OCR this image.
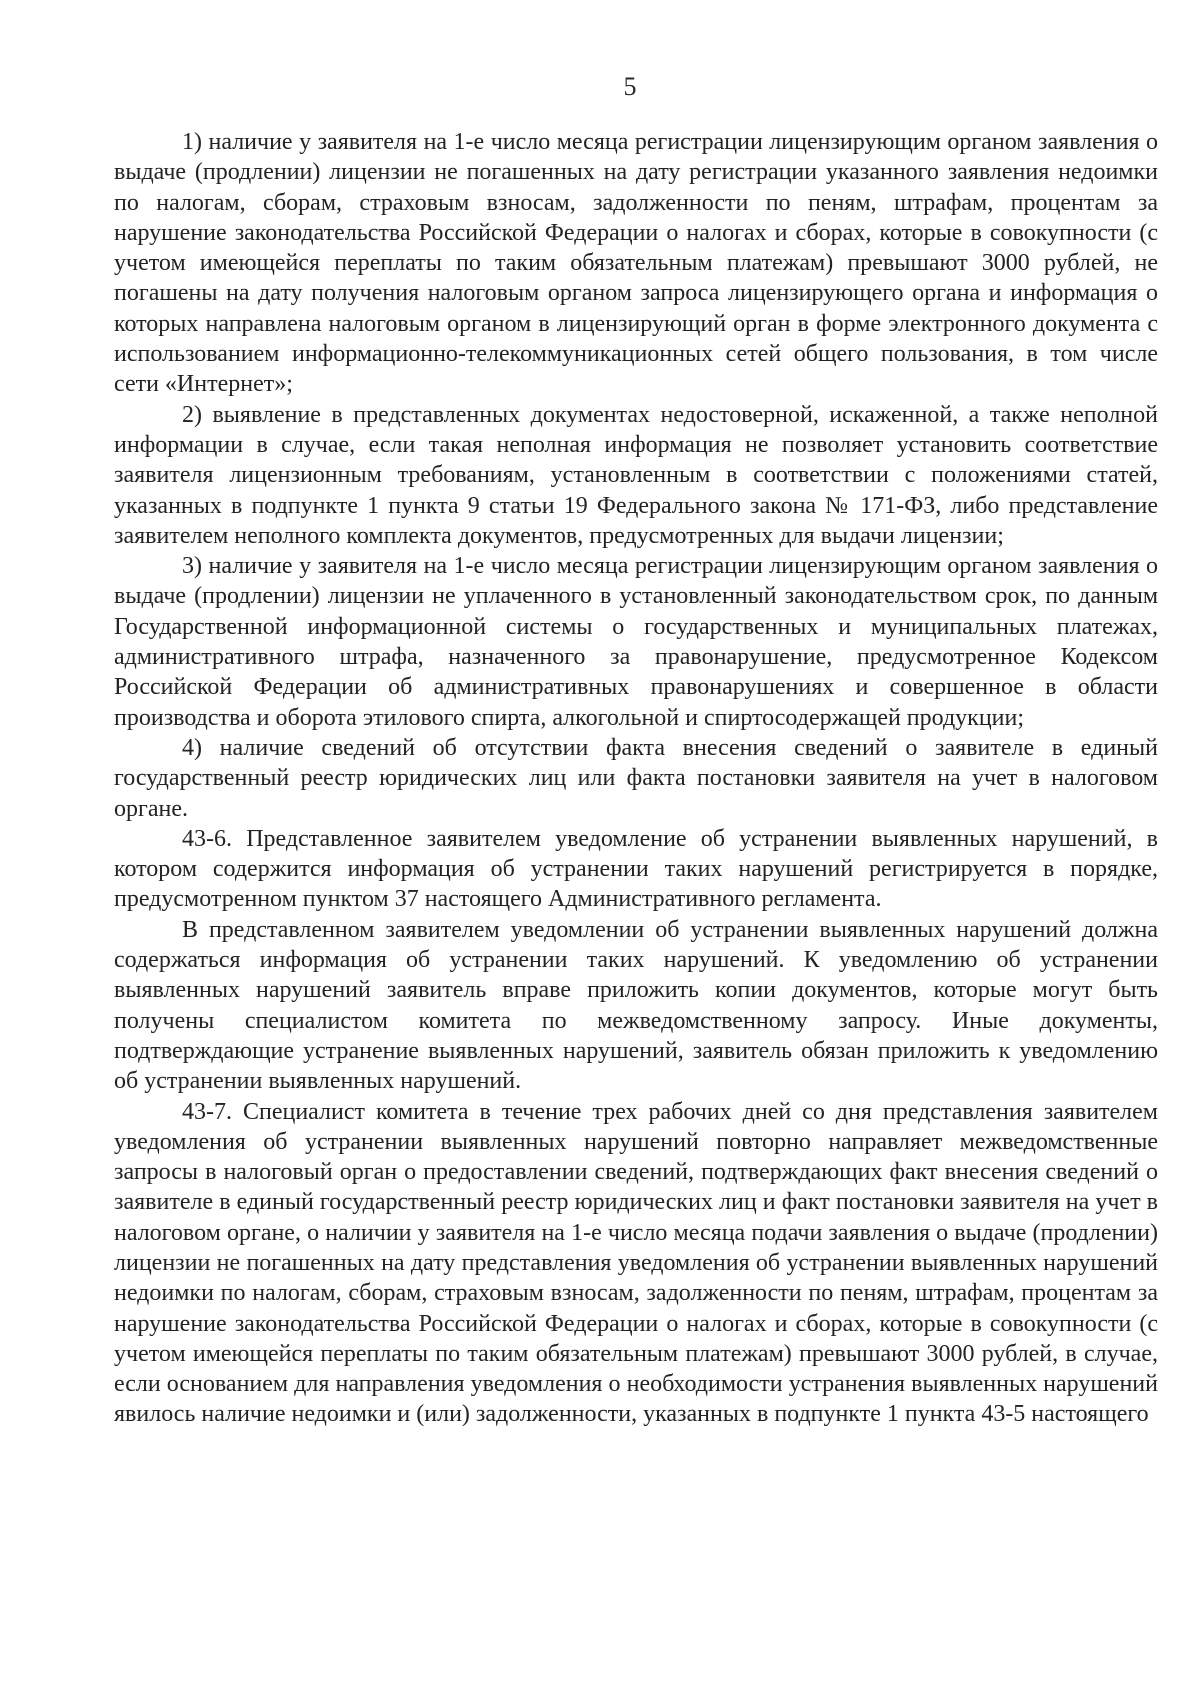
5

1) наличие у заявителя на 1-е число месяца регистрации лицензирующим органом заявления о выдаче (продлении) лицензии не погашенных на дату регистрации указанного заявления недоимки по налогам, сборам, страховым взносам, задолженности по пеням, штрафам, процентам за нарушение законодательства Российской Федерации о налогах и сборах, которые в совокупности (с учетом имеющейся переплаты по таким обязательным платежам) превышают 3000 рублей, не погашены на дату получения налоговым органом запроса лицензирующего органа и информация о которых направлена налоговым органом в лицензирующий орган в форме электронного документа с использованием информационно-телекоммуникационных сетей общего пользования, в том числе сети «Интернет»;

2) выявление в представленных документах недостоверной, искаженной, а также неполной информации в случае, если такая неполная информация не позволяет установить соответствие заявителя лицензионным требованиям, установленным в соответствии с положениями статей, указанных в подпункте 1 пункта 9 статьи 19 Федерального закона № 171-ФЗ, либо представление заявителем неполного комплекта документов, предусмотренных для выдачи лицензии;

3) наличие у заявителя на 1-е число месяца регистрации лицензирующим органом заявления о выдаче (продлении) лицензии не уплаченного в установленный законодательством срок, по данным Государственной информационной системы о государственных и муниципальных платежах, административного штрафа, назначенного за правонарушение, предусмотренное Кодексом Российской Федерации об административных правонарушениях и совершенное в области производства и оборота этилового спирта, алкогольной и спиртосодержащей продукции;

4) наличие сведений об отсутствии факта внесения сведений о заявителе в единый государственный реестр юридических лиц или факта постановки заявителя на учет в налоговом органе.

43-6. Представленное заявителем уведомление об устранении выявленных нарушений, в котором содержится информация об устранении таких нарушений регистрируется в порядке, предусмотренном пунктом 37 настоящего Административного регламента.

В представленном заявителем уведомлении об устранении выявленных нарушений должна содержаться информация об устранении таких нарушений. К уведомлению об устранении выявленных нарушений заявитель вправе приложить копии документов, которые могут быть получены специалистом комитета по межведомственному запросу. Иные документы, подтверждающие устранение выявленных нарушений, заявитель обязан приложить к уведомлению об устранении выявленных нарушений.

43-7. Специалист комитета в течение трех рабочих дней со дня представления заявителем уведомления об устранении выявленных нарушений повторно направляет межведомственные запросы в налоговый орган о предоставлении сведений, подтверждающих факт внесения сведений о заявителе в единый государственный реестр юридических лиц и факт постановки заявителя на учет в налоговом органе, о наличии у заявителя на 1-е число месяца подачи заявления о выдаче (продлении) лицензии не погашенных на дату представления уведомления об устранении выявленных нарушений недоимки по налогам, сборам, страховым взносам, задолженности по пеням, штрафам, процентам за нарушение законодательства Российской Федерации о налогах и сборах, которые в совокупности (с учетом имеющейся переплаты по таким обязательным платежам) превышают 3000 рублей, в случае, если основанием для направления уведомления о необходимости устранения выявленных нарушений явилось наличие недоимки и (или) задолженности, указанных в подпункте 1 пункта 43-5 настоящего
